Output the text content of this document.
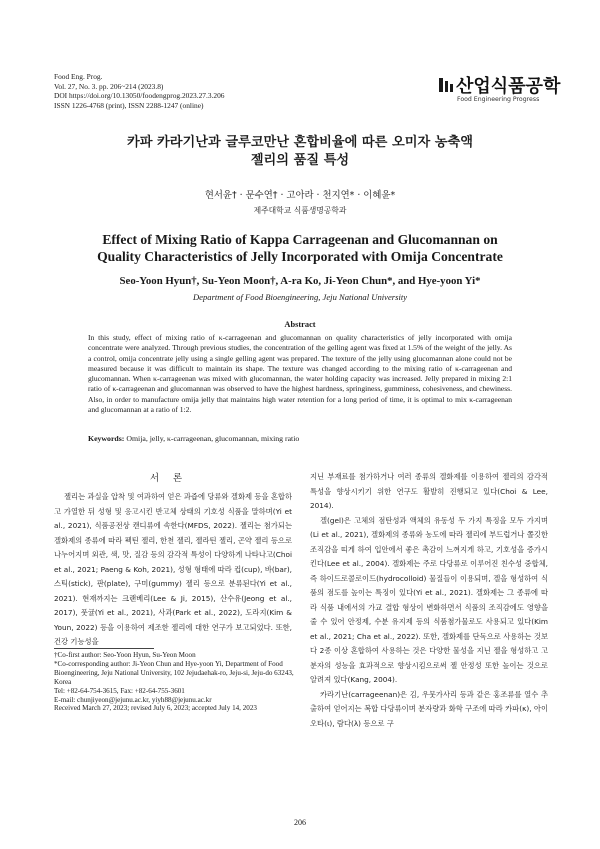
Food Eng. Prog.
Vol. 27, No. 3. pp. 206~214 (2023.8)
DOI https://doi.org/10.13050/foodengprog.2023.27.3.206
ISSN 1226-4768 (print), ISSN 2288-1247 (online)
산업식품공학
Food Engineering Progress
카파 카라기난과 글루코만난 혼합비율에 따른 오미자 농축액
젤리의 품질 특성
현서윤† · 문수연† · 고아라 · 천지연* · 이혜윤*
제주대학교 식품생명공학과
Effect of Mixing Ratio of Kappa Carrageenan and Glucomannan on
Quality Characteristics of Jelly Incorporated with Omija Concentrate
Seo-Yoon Hyun†, Su-Yeon Moon†, A-ra Ko, Ji-Yeon Chun*, and Hye-yoon Yi*
Department of Food Bioengineering, Jeju National University
Abstract
In this study, effect of mixing ratio of κ-carrageenan and glucomannan on quality characteristics of jelly incorporated with omija concentrate were analyzed. Through previous studies, the concentration of the gelling agent was fixed at 1.5% of the weight of the jelly. As a control, omija concentrate jelly using a single gelling agent was prepared. The texture of the jelly using glucomannan alone could not be measured because it was difficult to maintain its shape. The texture was changed according to the mixing ratio of κ-carrageenan and glucomannan. When κ-carrageenan was mixed with glucomannan, the water holding capacity was increased. Jelly prepared in mixing 2:1 ratio of κ-carrageenan and glucomannan was observed to have the highest hardness, springiness, gumminess, cohesiveness, and chewiness. Also, in order to manufacture omija jelly that maintains high water retention for a long period of time, it is optimal to mix κ-carrageenan and glucomannan at a ratio of 1:2.
Keywords: Omija, jelly, κ-carrageenan, glucomannan, mixing ratio
서론

젤리는 과실을 압착 및 여과하여 얻은 과즙에 당류와 겔화제 등을 혼합하고 가열한 뒤 성형 및 응고시킨 반고체 상태의 기호성 식품을 말하며(Yi et al., 2021), 식품공전상 캔디류에 속한다(MFDS, 2022). 젤리는 첨가되는 겔화제의 종류에 따라 펙틴 젤리, 한천 젤리, 젤라틴 젤리, 곤약 젤리 등으로 나누어지며 외관, 색, 맛, 질감 등의 감각적 특성이 다양하게 나타나고(Choi et al., 2021; Paeng & Koh, 2021), 성형 형태에 따라 컵(cup), 바(bar), 스틱(stick), 판(plate), 구미(gummy) 젤리 등으로 분류된다(Yi et al., 2021). 현재까지는 크랜베리(Lee & Ji, 2015), 산수유(Jeong et al., 2017), 풋귤(Yi et al., 2021), 사과(Park et al., 2022), 도라지(Kim & Youn, 2022) 등을 이용하여 제조한 젤리에 대한 연구가 보고되었다. 또한, 건강 기능성을

지닌 부재료를 첨가하거나 여러 종류의 겔화제를 이용하여 젤리의 감각적 특성을 향상시키기 위한 연구도 활발히 진행되고 있다(Choi & Lee, 2014).

겔(gel)은 고체의 점탄성과 액체의 유동성 두 가지 특징을 모두 가지며(Li et al., 2021), 겔화제의 종류와 농도에 따라 젤리에 부드럽거나 쫄깃한 조직감을 띠게 하여 입안에서 좋은 촉감이 느껴지게 하고, 기호성을 증가시킨다(Lee et al., 2004). 겔화제는 주로 다당류로 이루어진 친수성 중합체, 즉 하이드로콜로이드(hydrocolloid) 물질들이 이용되며, 겔을 형성하여 식품의 점도를 높이는 특징이 있다(Yi et al., 2021). 겔화제는 그 종류에 따라 식품 내에서의 가교 결합 형상이 변화하면서 식품의 조직감에도 영향을 줄 수 있어 안정제, 수분 유지제 등의 식품첨가물로도 사용되고 있다(Kim et al., 2021; Cha et al., 2022). 또한, 겔화제를 단독으로 사용하는 것보다 2종 이상 혼합하여 사용하는 것은 다양한 물성을 지닌 젤을 형성하고 고분자의 성능을 효과적으로 향상시킴으로써 젤 안정성 또한 높이는 것으로 알려져 있다(Kang, 2004).

카라기난(carrageenan)은 김, 우뭇가사리 등과 같은 홍조류를 열수 추출하여 얻어지는 복합 다당류이며 분자량과 화학 구조에 따라 카파(κ), 아이오타(ι), 람다(λ) 등으로 구

†Co-first author: Seo-Yoon Hyun, Su-Yeon Moon
*Co-corresponding author: Ji-Yeon Chun and Hye-yoon Yi, Department of Food Bioengineering, Jeju National University, 102 Jejudaehak-ro, Jeju-si, Jeju-do 63243, Korea
Tel: +82-64-754-3615, Fax: +82-64-755-3601
E-mail: chunjiyeon@jejunu.ac.kr, yiyh88@jejunu.ac.kr
Received March 27, 2023; revised July 6, 2023; accepted July 14, 2023
206
